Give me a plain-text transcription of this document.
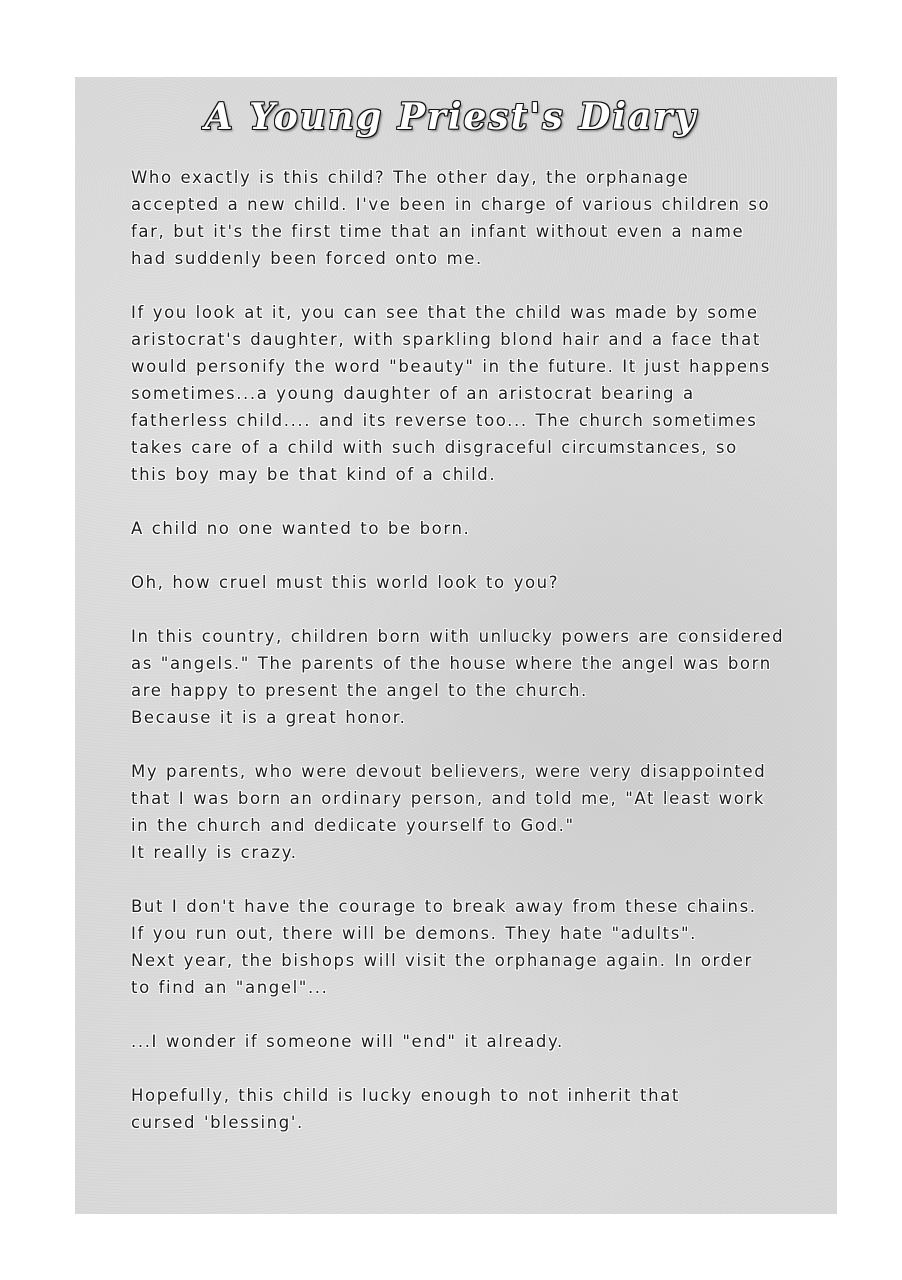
A Young Priest's Diary
Who exactly is this child? The other day, the orphanage
accepted a new child. I've been in charge of various children so
far, but it's the first time that an infant without even a name
had suddenly been forced onto me.
If you look at it, you can see that the child was made by some
aristocrat's daughter, with sparkling blond hair and a face that
would personify the word "beauty" in the future. It just happens
sometimes...a young daughter of an aristocrat bearing a
fatherless child.... and its reverse too... The church sometimes
takes care of a child with such disgraceful circumstances, so
this boy may be that kind of a child.
A child no one wanted to be born.
Oh, how cruel must this world look to you?
In this country, children born with unlucky powers are considered
as "angels." The parents of the house where the angel was born
are happy to present the angel to the church.
Because it is a great honor.
My parents, who were devout believers, were very disappointed
that I was born an ordinary person, and told me, "At least work
in the church and dedicate yourself to God."
It really is crazy.
But I don't have the courage to break away from these chains.
If you run out, there will be demons. They hate "adults".
Next year, the bishops will visit the orphanage again. In order
to find an "angel"...
...I wonder if someone will "end" it already.
Hopefully, this child is lucky enough to not inherit that
cursed 'blessing'.
